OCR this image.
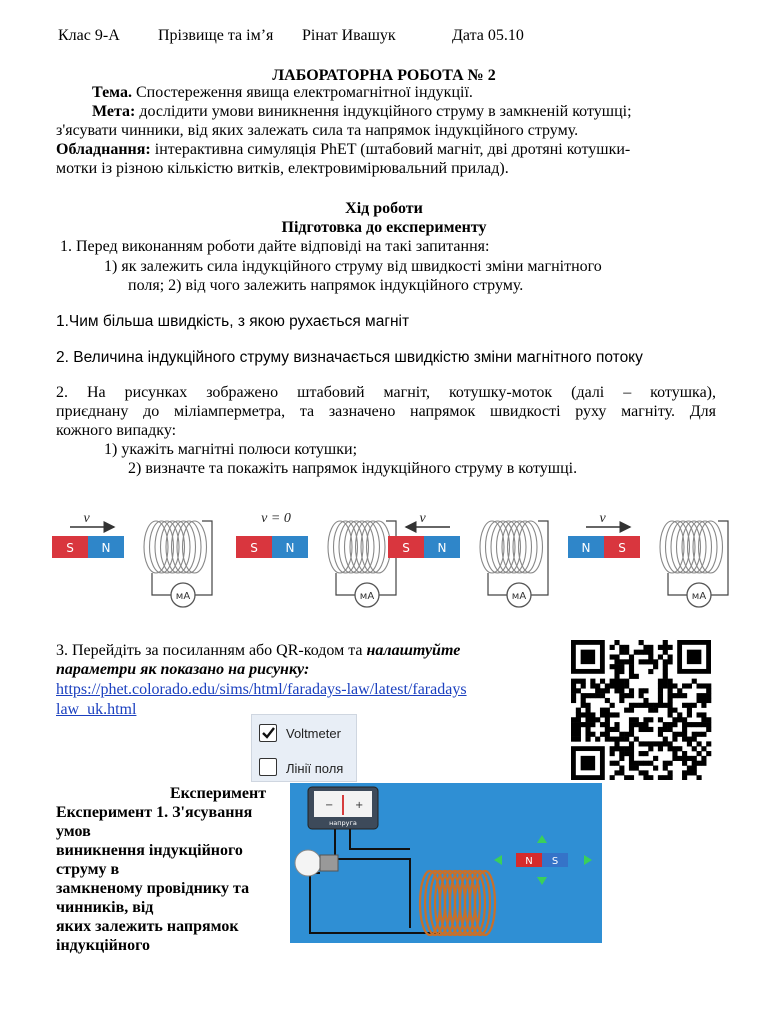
Клас 9-А Прізвище та ім’я Рінат Ивашук	Дата 05.10
ЛАБОРАТОРНА РОБОТА № 2
Тема. Спостереження явища електромагнітної індукції.
Мета: дослідити умови виникнення індукційного струму в замкненій котушці;
з'ясувати чинники, від яких залежать сила та напрямок індукційного струму.
Обладнання: інтерактивна симуляція PhET (штабовий магніт, дві дротяні котушки-
мотки із різною кількістю витків, електровимірювальний прилад).
Хід роботи
Підготовка до експерименту
1. Перед виконанням роботи дайте відповіді на такі запитання:
1) як залежить сила індукційного струму від швидкості зміни магнітного
поля; 2) від чого залежить напрямок індукційного струму.
1.Чим більша швидкість, з якою рухається магніт
2. Величина індукційного струму визначається швидкістю зміни магнітного потоку
2. На рисунках зображено штабовий магніт, котушку-моток (далі – котушка),
приєднану до міліамперметра, та зазначено напрямок швидкості руху магніту. Для
кожного випадку:
1) укажіть магнітні полюси котушки;
2) визначте та покажіть напрямок індукційного струму в котушці.
v⃗
S N
мА
v = 0
S N
мА
v⃗
S N
мА
v⃗
N S
мА
3. Перейдіть за посиланням або QR-кодом та налаштуйте
параметри як показано на рисунку:
https://phet.colorado.edu/sims/html/faradays-law/latest/faradays
law_uk.html
Voltmeter
Лінії поля
Експеримент
Експеримент 1. З'ясування
умов
виникнення індукційного
струму в
замкненому провіднику та
чинників, від
яких залежить напрямок
індукційного
− +
напруга
N S
